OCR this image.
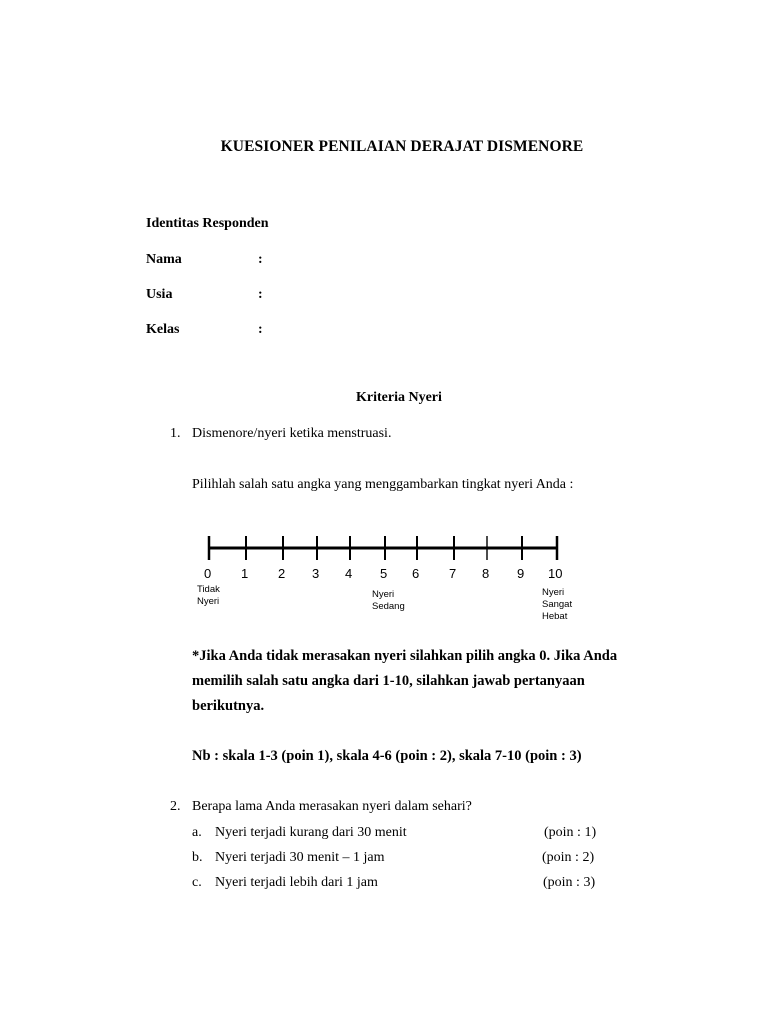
KUESIONER PENILAIAN DERAJAT DISMENORE
Identitas Responden
Nama	:
Usia	:
Kelas	:
Kriteria Nyeri
1. Dismenore/nyeri ketika menstruasi.
Pilihlah salah satu angka yang menggambarkan tingkat nyeri Anda :
0 1 2 3 4 5 6 7 8 9 10
Tidak
Nyeri
Nyeri
Sedang
Nyeri
Sangat
Hebat
*Jika Anda tidak merasakan nyeri silahkan pilih angka 0. Jika Anda
memilih salah satu angka dari 1-10, silahkan jawab pertanyaan
berikutnya.
Nb : skala 1-3 (poin 1), skala 4-6 (poin : 2), skala 7-10 (poin : 3)
2. Berapa lama Anda merasakan nyeri dalam sehari?
a. Nyeri terjadi kurang dari 30 menit	(poin : 1)
b. Nyeri terjadi 30 menit – 1 jam	(poin : 2)
c. Nyeri terjadi lebih dari 1 jam	(poin : 3)
